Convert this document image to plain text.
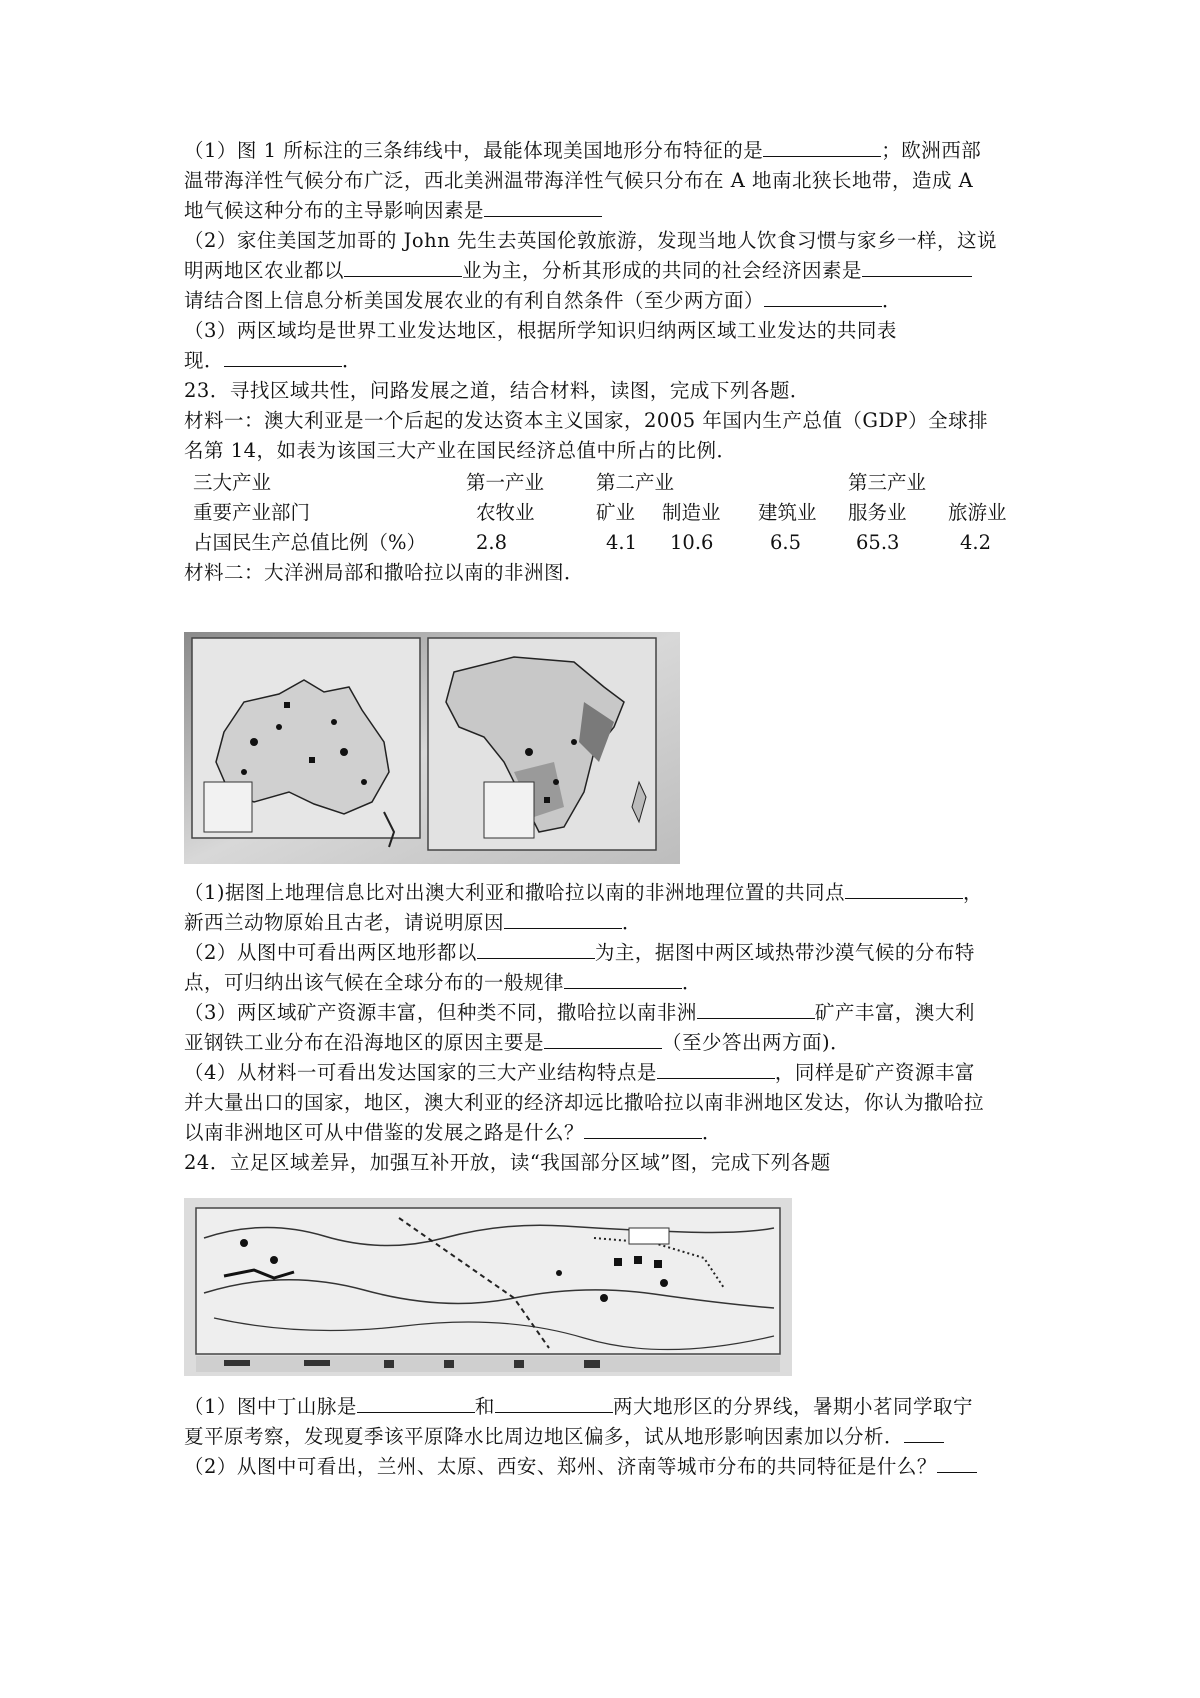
（1）图 1 所标注的三条纬线中，最能体现美国地形分布特征的是	；欧洲西部
温带海洋性气候分布广泛，西北美洲温带海洋性气候只分布在 A 地南北狭长地带，造成 A
地气候这种分布的主导影响因素是
（2）家住美国芝加哥的 John 先生去英国伦敦旅游，发现当地人饮食习惯与家乡一样，这说
明两地区农业都以	业为主，分析其形成的共同的社会经济因素是
请结合图上信息分析美国发展农业的有利自然条件（至少两方面）	．
（3）两区域均是世界工业发达地区，根据所学知识归纳两区域工业发达的共同表
现．	．
23．寻找区域共性，问路发展之道，结合材料，读图，完成下列各题．
材料一：澳大利亚是一个后起的发达资本主义国家，2005 年国内生产总值（GDP）全球排
名第 14，如表为该国三大产业在国民经济总值中所占的比例．
三大产业	第一产业	第二产业	第三产业
重要产业部门	农牧业	矿业 制造业 建筑业 服务业 旅游业
占国民生产总值比例（%）	2.8	4.1 10.6	6.5	65.3	4.2
材料二：大洋洲局部和撒哈拉以南的非洲图．
（1)据图上地理信息比对出澳大利亚和撒哈拉以南的非洲地理位置的共同点	，
新西兰动物原始且古老，请说明原因	．
（2）从图中可看出两区地形都以	为主，据图中两区域热带沙漠气候的分布特
点，可归纳出该气候在全球分布的一般规律	．
（3）两区域矿产资源丰富，但种类不同，撒哈拉以南非洲	矿产丰富，澳大利
亚钢铁工业分布在沿海地区的原因主要是	（至少答出两方面)．
（4）从材料一可看出发达国家的三大产业结构特点是	，同样是矿产资源丰富
并大量出口的国家，地区，澳大利亚的经济却远比撒哈拉以南非洲地区发达，你认为撒哈拉
以南非洲地区可从中借鉴的发展之路是什么？	．
24．立足区域差异，加强互补开放，读“我国部分区域”图，完成下列各题
（1）图中丁山脉是	和	两大地形区的分界线，暑期小茗同学取宁
夏平原考察，发现夏季该平原降水比周边地区偏多，试从地形影响因素加以分析．
（2）从图中可看出，兰州、太原、西安、郑州、济南等城市分布的共同特征是什么？
